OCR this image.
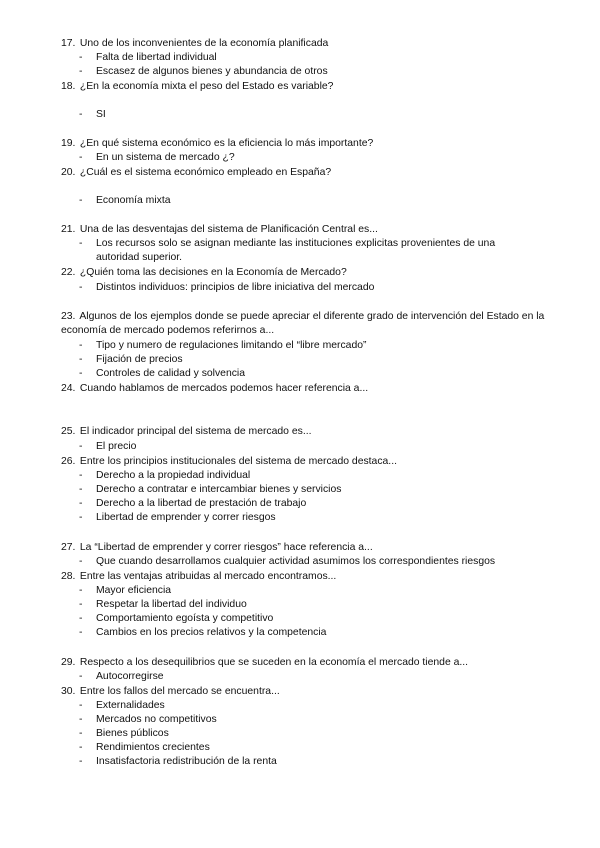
17. Uno de los inconvenientes de la economía planificada
- Falta de libertad individual
- Escasez de algunos bienes y abundancia de otros
18. ¿En la economía mixta el peso del Estado es variable?
- SI
19. ¿En qué sistema económico es la eficiencia lo más importante?
- En un sistema de mercado ¿?
20. ¿Cuál es el sistema económico empleado en España?
- Economía mixta
21. Una de las desventajas del sistema de Planificación Central es...
- Los recursos solo se asignan mediante las instituciones explicitas provenientes de una autoridad superior.
22. ¿Quién toma las decisiones en la Economía de Mercado?
- Distintos individuos: principios de libre iniciativa del mercado
23. Algunos de los ejemplos donde se puede apreciar el diferente grado de intervención del Estado en la economía de mercado podemos referirnos a...
- Tipo y numero de regulaciones limitando el “libre mercado”
- Fijación de precios
- Controles de calidad y solvencia
24. Cuando hablamos de mercados podemos hacer referencia a...
25. El indicador principal del sistema de mercado es...
- El precio
26. Entre los principios institucionales del sistema de mercado destaca...
- Derecho a la propiedad individual
- Derecho a contratar e intercambiar bienes y servicios
- Derecho a la libertad de prestación de trabajo
- Libertad de emprender y correr riesgos
27. La “Libertad de emprender y correr riesgos” hace referencia a...
- Que cuando desarrollamos cualquier actividad asumimos los correspondientes riesgos
28. Entre las ventajas atribuidas al mercado encontramos...
- Mayor eficiencia
- Respetar la libertad del individuo
- Comportamiento egoísta y competitivo
- Cambios en los precios relativos y la competencia
29. Respecto a los desequilibrios que se suceden en la economía el mercado tiende a...
- Autocorregirse
30. Entre los fallos del mercado se encuentra...
- Externalidades
- Mercados no competitivos
- Bienes públicos
- Rendimientos crecientes
- Insatisfactoria redistribución de la renta
